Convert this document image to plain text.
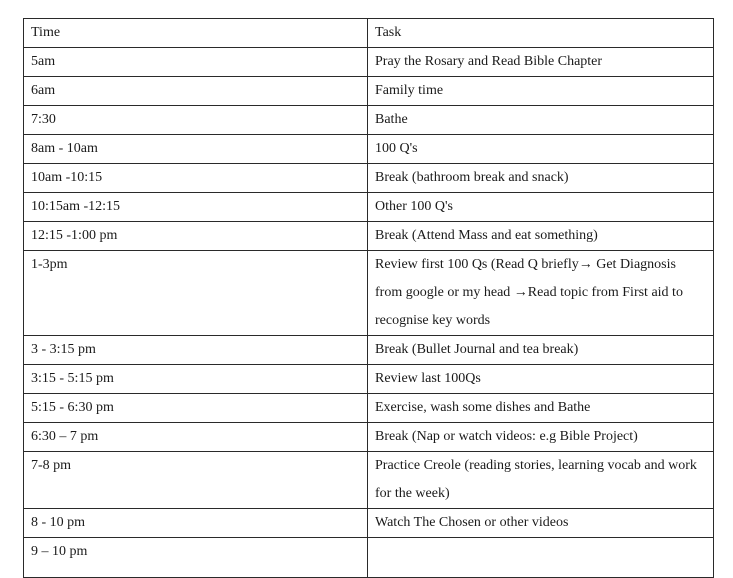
Time	Task
5am	Pray the Rosary and Read Bible Chapter
6am	Family time
7:30	Bathe
8am - 10am	100 Q's
10am -10:15	Break (bathroom break and snack)
10:15am -12:15	Other 100 Q's
12:15 -1:00 pm	Break (Attend Mass and eat something)
1-3pm	Review first 100 Qs (Read Q briefly→ Get Diagnosis from google or my head →Read topic from First aid to recognise key words
3 - 3:15 pm	Break (Bullet Journal and tea break)
3:15 - 5:15 pm	Review last 100Qs
5:15 - 6:30 pm	Exercise, wash some dishes and Bathe
6:30 – 7 pm	Break (Nap or watch videos: e.g Bible Project)
7-8 pm	Practice Creole (reading stories, learning vocab and work for the week)
8 - 10 pm	Watch The Chosen or other videos
9 – 10 pm	
